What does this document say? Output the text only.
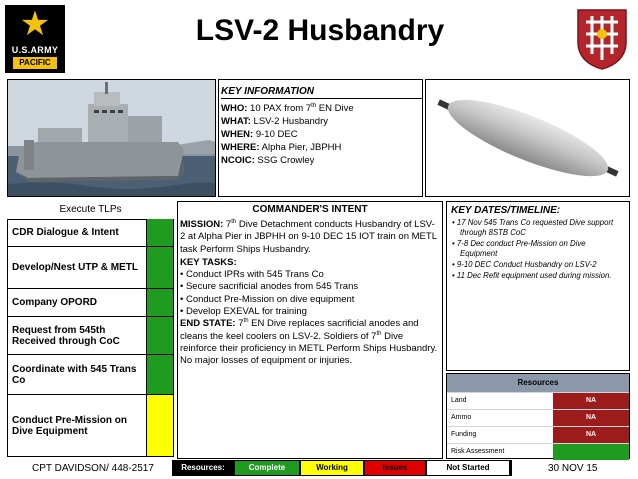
★
U.S.ARMY
PACIFIC
LSV-2 Husbandry
KEY INFORMATION
WHO: 10 PAX from 7th EN Dive
WHAT: LSV-2 Husbandry
WHEN: 9-10 DEC
WHERE: Alpha Pier, JBPHH
NCOIC: SSG Crowley
Execute TLPs	COMMANDER'S INTENT
MISSION: 7th Dive Detachment conducts Husbandry of LSV-2 at Alpha Pier in JBPHH on 9-10 DEC 15 IOT train on METL task Perform Ships Husbandry.
KEY TASKS:
• Conduct IPRs with 545 Trans Co
• Secure sacrificial anodes from 545 Trans
• Conduct Pre-Mission on dive equipment
• Develop EXEVAL for training
END STATE: 7th EN Dive replaces sacrificial anodes and cleans the keel coolers on LSV-2. Soldiers of 7th Dive reinforce their proficiency in METL Perform Ships Husbandry. No major losses of equipment or injuries.
KEY DATES/TIMELINE:
• 17 Nov 545 Trans Co requested Dive support through 8STB CoC
• 7-8 Dec conduct Pre-Mission on Dive Equipment
• 9-10 DEC Conduct Husbandry on LSV-2
• 11 Dec Refit equipment used during mission.
Resources
Land	NA
Ammo	NA
Funding	NA
Risk Assessment
CPT DAVIDSON/ 448-2517	Resources:	Complete	Working	Issues	Not Started	30 NOV 15
CDR Dialogue & Intent
Develop/Nest UTP & METL
Company OPORD
Request from 545th Received through CoC
Coordinate with 545 Trans Co
Conduct Pre-Mission on Dive Equipment
